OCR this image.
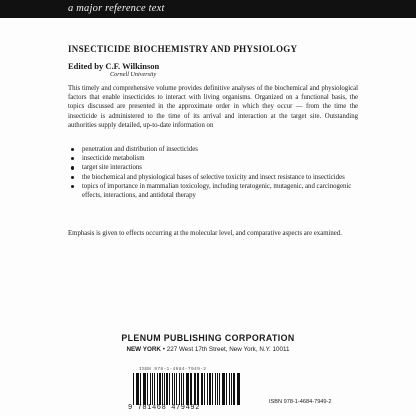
a major reference text
INSECTICIDE BIOCHEMISTRY AND PHYSIOLOGY
Edited by C.F. Wilkinson
Cornell University

This timely and comprehensive volume provides definitive analyses of the biochemical and physiological factors that enable insecticides to interact with living organisms. Organized on a functional basis, the topics discussed are presented in the approximate order in which they occur — from the time the insecticide is administered to the time of its arrival and interaction at the target site. Outstanding authorities supply detailed, up-to-date information on

penetration and distribution of insecticides
insecticide metabolism
target site interactions
the biochemical and physiological bases of selective toxicity and insect resistance to insecticides
topics of importance in mammalian toxicology, including teratogenic, mutagenic, and carcinogenic effects, interactions, and antidotal therapy

Emphasis is given to effects occurring at the molecular level, and comparative aspects are examined.

PLENUM PUBLISHING CORPORATION
NEW YORK • 227 West 17th Street, New York, N.Y. 10011
ISBN 978-1-4684-7949-2
9 781468 479492
ISBN 978-1-4684-7949-2
